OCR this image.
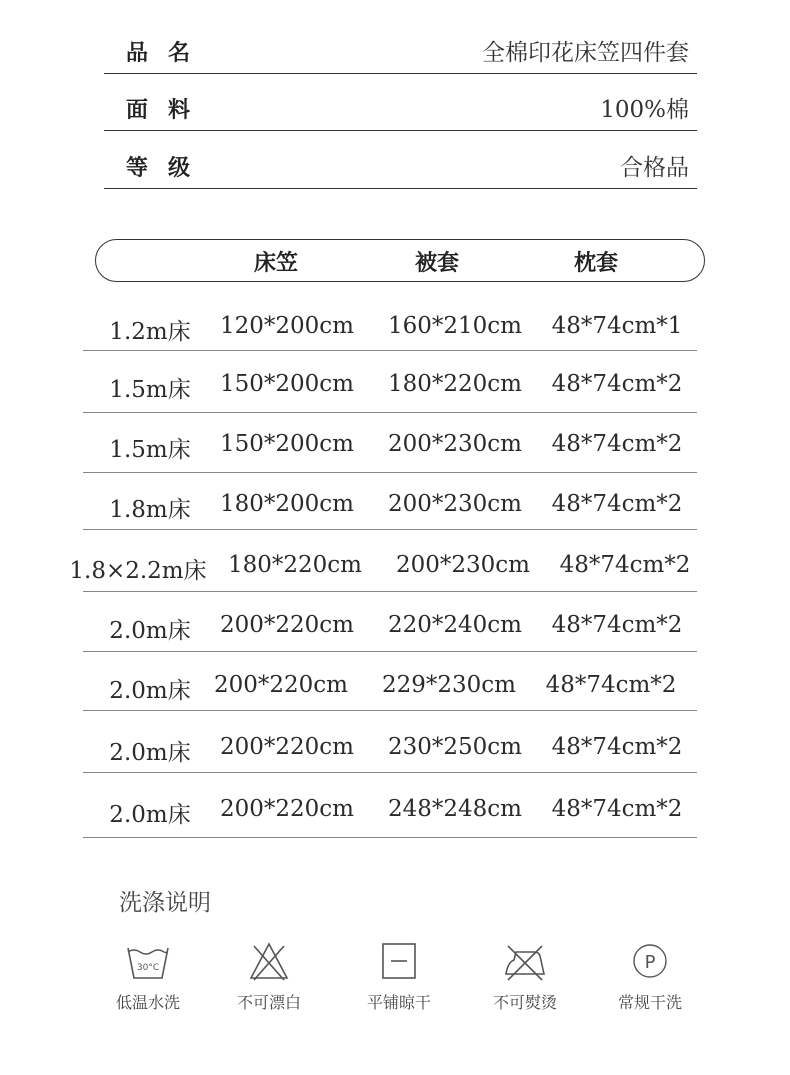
品名	全棉印花床笠四件套
面料	100%棉
等级	合格品
床笠	被套	枕套
1.2m床 120*200cm 160*210cm 48*74cm*1
1.5m床 150*200cm 180*220cm 48*74cm*2
1.5m床 150*200cm 200*230cm 48*74cm*2
1.8m床 180*200cm 200*230cm 48*74cm*2
1.8×2.2m床 180*220cm 200*230cm 48*74cm*2
2.0m床 200*220cm 220*240cm 48*74cm*2
2.0m床 200*220cm 229*230cm 48*74cm*2
2.0m床 200*220cm 230*250cm 48*74cm*2
2.0m床 200*220cm 248*248cm 48*74cm*2
洗涤说明
30°C
低温水洗	不可漂白	平铺晾干	不可熨烫
P
常规干洗
